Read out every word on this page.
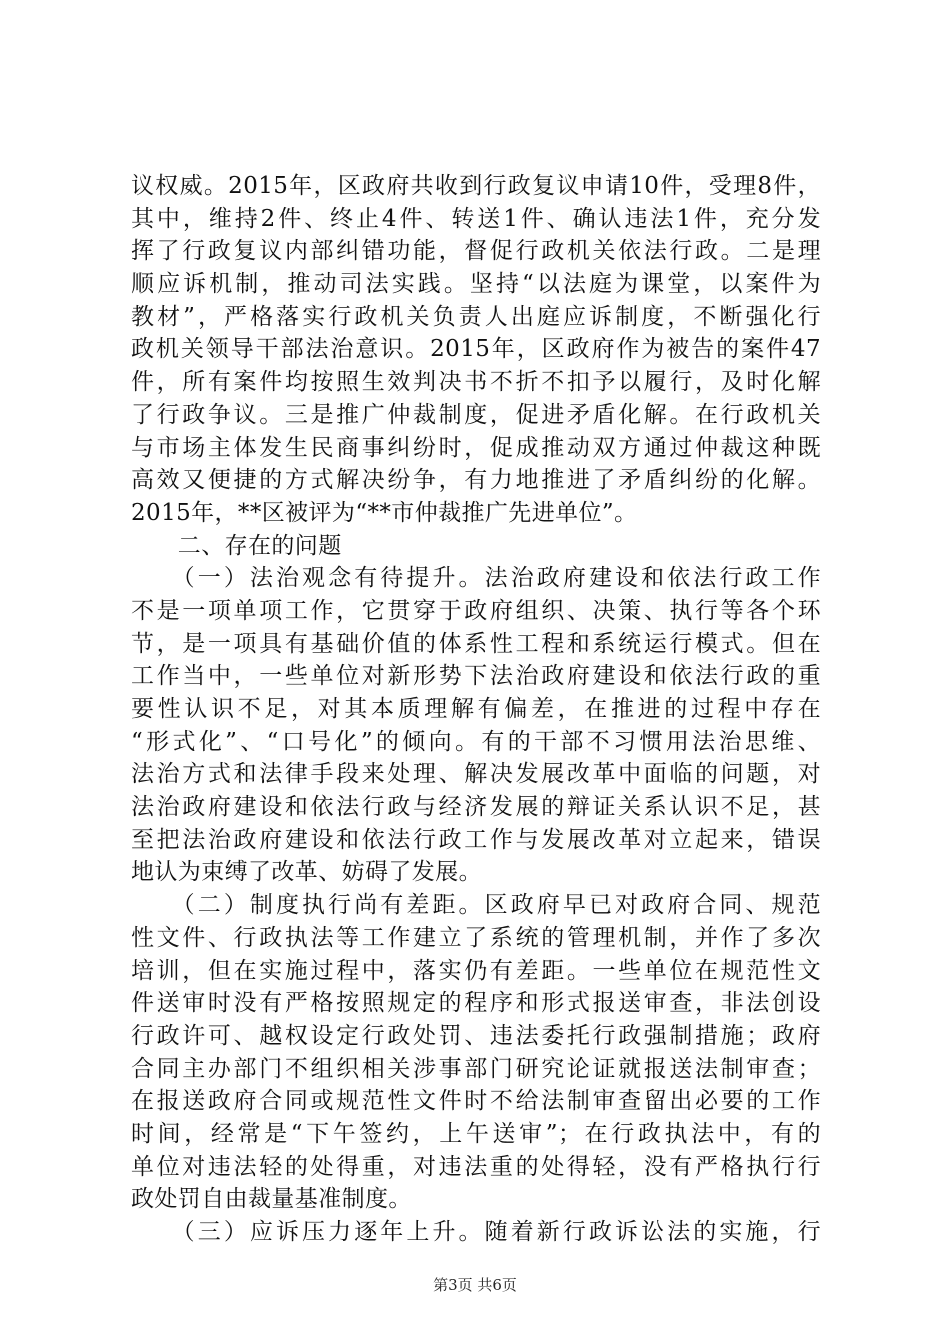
议权威。2015年，区政府共收到行政复议申请10件，受理8件，
其中，维持2件、终止4件、转送1件、确认违法1件，充分发
挥了行政复议内部纠错功能，督促行政机关依法行政。二是理
顺应诉机制，推动司法实践。坚持“以法庭为课堂，以案件为
教材”，严格落实行政机关负责人出庭应诉制度，不断强化行
政机关领导干部法治意识。2015年，区政府作为被告的案件47
件，所有案件均按照生效判决书不折不扣予以履行，及时化解
了行政争议。三是推广仲裁制度，促进矛盾化解。在行政机关
与市场主体发生民商事纠纷时，促成推动双方通过仲裁这种既
高效又便捷的方式解决纷争，有力地推进了矛盾纠纷的化解。
2015年，**区被评为“**市仲裁推广先进单位”。
　　二、存在的问题
　　（一）法治观念有待提升。法治政府建设和依法行政工作
不是一项单项工作，它贯穿于政府组织、决策、执行等各个环
节，是一项具有基础价值的体系性工程和系统运行模式。但在
工作当中，一些单位对新形势下法治政府建设和依法行政的重
要性认识不足，对其本质理解有偏差，在推进的过程中存在
“形式化”、“口号化”的倾向。有的干部不习惯用法治思维、
法治方式和法律手段来处理、解决发展改革中面临的问题，对
法治政府建设和依法行政与经济发展的辩证关系认识不足，甚
至把法治政府建设和依法行政工作与发展改革对立起来，错误
地认为束缚了改革、妨碍了发展。
　　（二）制度执行尚有差距。区政府早已对政府合同、规范
性文件、行政执法等工作建立了系统的管理机制，并作了多次
培训，但在实施过程中，落实仍有差距。一些单位在规范性文
件送审时没有严格按照规定的程序和形式报送审查，非法创设
行政许可、越权设定行政处罚、违法委托行政强制措施；政府
合同主办部门不组织相关涉事部门研究论证就报送法制审查；
在报送政府合同或规范性文件时不给法制审查留出必要的工作
时间，经常是“下午签约，上午送审”；在行政执法中，有的
单位对违法轻的处得重，对违法重的处得轻，没有严格执行行
政处罚自由裁量基准制度。
　　（三）应诉压力逐年上升。随着新行政诉讼法的实施，行
第3页 共6页
